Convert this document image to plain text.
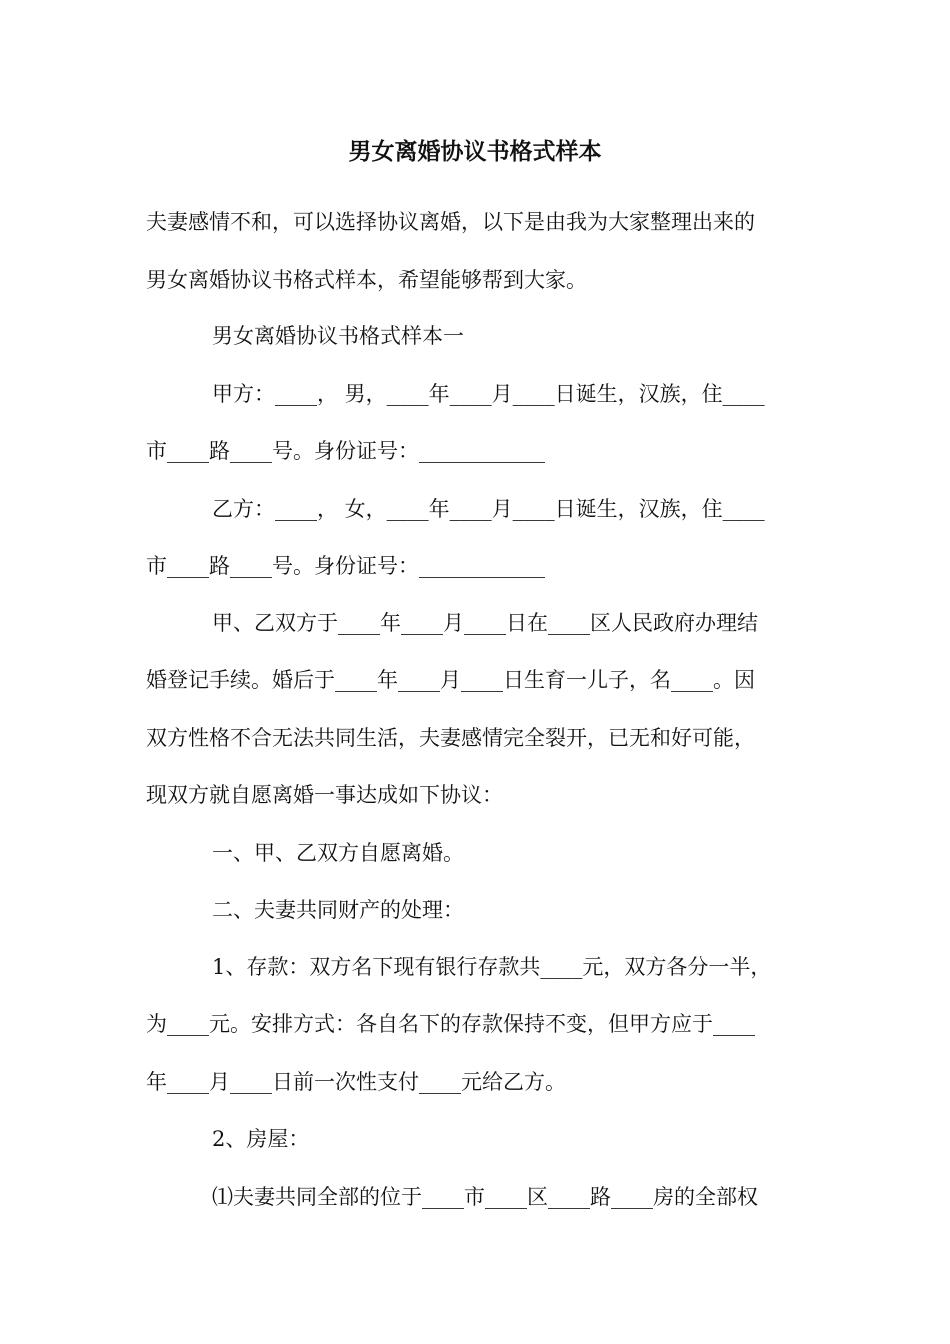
男女离婚协议书格式样本
夫妻感情不和，可以选择协议离婚，以下是由我为大家整理出来的
男女离婚协议书格式样本，希望能够帮到大家。
男女离婚协议书格式样本一
甲方：____， 男，____年____月____日诞生，汉族，住____
市____路____号。身份证号：____________
乙方：____， 女，____年____月____日诞生，汉族，住____
市____路____号。身份证号：____________
甲、乙双方于____年____月____日在____区人民政府办理结
婚登记手续。婚后于____年____月____日生育一儿子，名____。因
双方性格不合无法共同生活，夫妻感情完全裂开，已无和好可能，
现双方就自愿离婚一事达成如下协议：
一、甲、乙双方自愿离婚。
二、夫妻共同财产的处理：
1、存款：双方名下现有银行存款共____元，双方各分一半，
为____元。安排方式：各自名下的存款保持不变，但甲方应于____
年____月____日前一次性支付____元给乙方。
2、房屋：
⑴夫妻共同全部的位于____市____区____路____房的全部权
